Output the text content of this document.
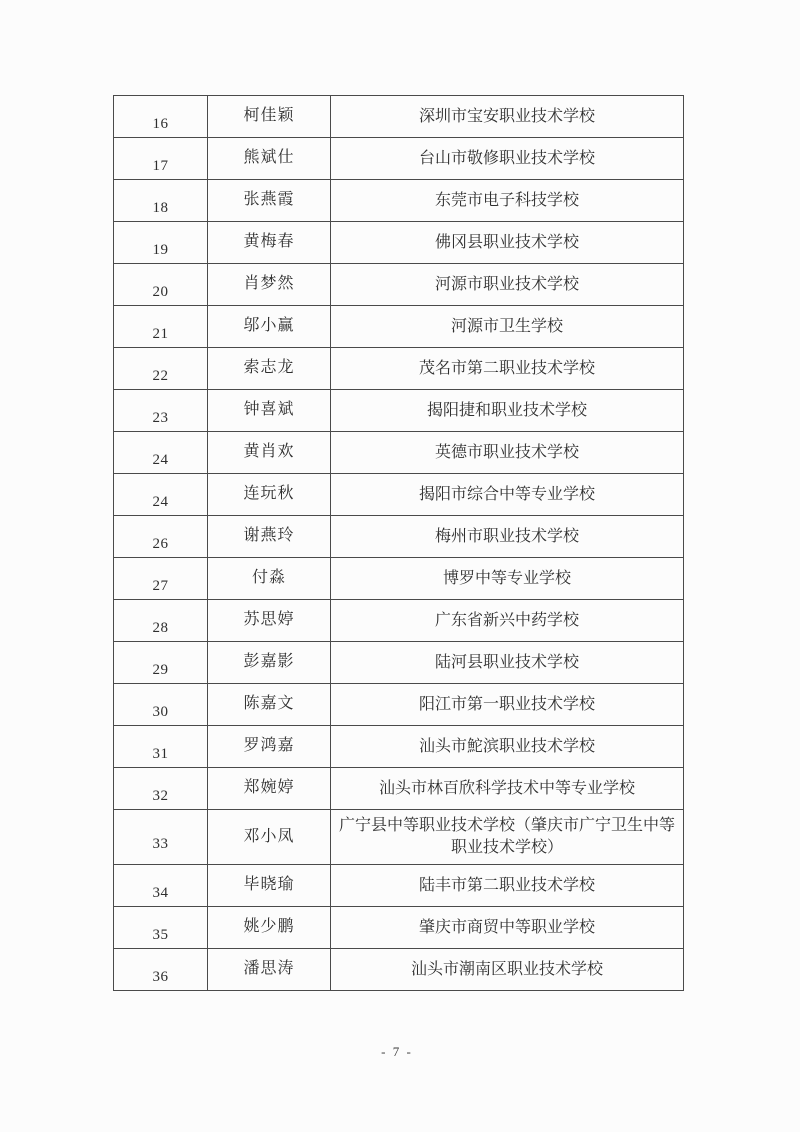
16	柯佳颖	深圳市宝安职业技术学校
17	熊斌仕	台山市敬修职业技术学校
18	张燕霞	东莞市电子科技学校
19	黄梅春	佛冈县职业技术学校
20	肖梦然	河源市职业技术学校
21	邬小赢	河源市卫生学校
22	索志龙	茂名市第二职业技术学校
23	钟喜斌	揭阳捷和职业技术学校
24	黄肖欢	英德市职业技术学校
24	连玩秋	揭阳市综合中等专业学校
26	谢燕玲	梅州市职业技术学校
27	付淼	博罗中等专业学校
28	苏思婷	广东省新兴中药学校
29	彭嘉影	陆河县职业技术学校
30	陈嘉文	阳江市第一职业技术学校
31	罗鸿嘉	汕头市鮀滨职业技术学校
32	郑婉婷	汕头市林百欣科学技术中等专业学校
33	邓小凤	广宁县中等职业技术学校（肇庆市广宁卫生中等职业技术学校）
34	毕晓瑜	陆丰市第二职业技术学校
35	姚少鹏	肇庆市商贸中等职业学校
36	潘思涛	汕头市潮南区职业技术学校
- 7 -
